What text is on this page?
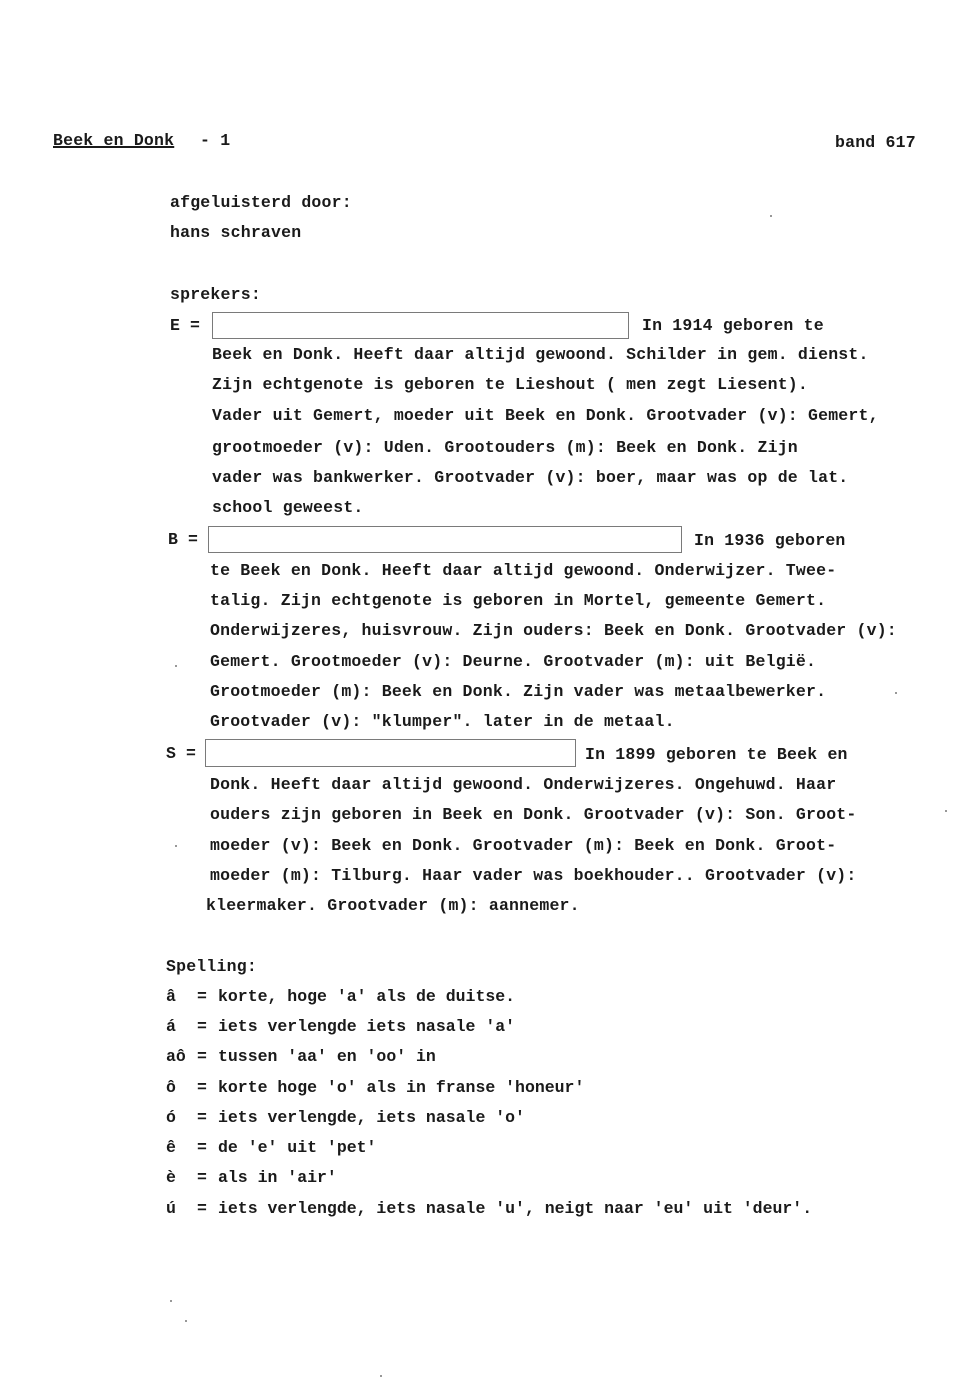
Beek en Donk - 1	band 617
afgeluisterd door:
hans schraven
sprekers:
E =	In 1914 geboren te
Beek en Donk. Heeft daar altijd gewoond. Schilder in gem. dienst.
Zijn echtgenote is geboren te Lieshout ( men zegt Liesent).
Vader uit Gemert, moeder uit Beek en Donk. Grootvader (v): Gemert,
grootmoeder (v): Uden. Grootouders (m): Beek en Donk. Zijn
vader was bankwerker. Grootvader (v): boer, maar was op de lat.
school geweest.
B =	In 1936 geboren
te Beek en Donk. Heeft daar altijd gewoond. Onderwijzer. Twee-
talig. Zijn echtgenote is geboren in Mortel, gemeente Gemert.
Onderwijzeres, huisvrouw. Zijn ouders: Beek en Donk. Grootvader (v):
Gemert. Grootmoeder (v): Deurne. Grootvader (m): uit België.
Grootmoeder (m): Beek en Donk. Zijn vader was metaalbewerker.
Grootvader (v): "klumper". later in de metaal.
S =	In 1899 geboren te Beek en
Donk. Heeft daar altijd gewoond. Onderwijzeres. Ongehuwd. Haar
ouders zijn geboren in Beek en Donk. Grootvader (v): Son. Groot-
moeder (v): Beek en Donk. Grootvader (m): Beek en Donk. Groot-
moeder (m): Tilburg. Haar vader was boekhouder.. Grootvader (v):
kleermaker. Grootvader (m): aannemer.
Spelling:
â = korte, hoge 'a' als de duitse.
á = iets verlengde iets nasale 'a'
aô = tussen 'aa' en 'oo' in
ô = korte hoge 'o' als in franse 'honeur'
ó = iets verlengde, iets nasale 'o'
ê = de 'e' uit 'pet'
è = als in 'air'
ú = iets verlengde, iets nasale 'u', neigt naar 'eu' uit 'deur'.
